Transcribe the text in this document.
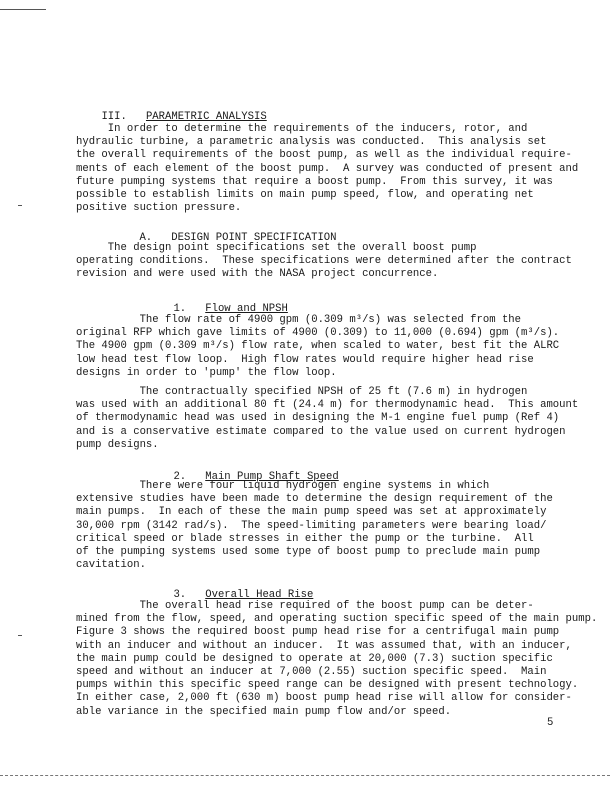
III. PARAMETRIC ANALYSIS

In order to determine the requirements of the inducers, rotor, and
hydraulic turbine, a parametric analysis was conducted.  This analysis set
the overall requirements of the boost pump, as well as the individual require-
ments of each element of the boost pump.  A survey was conducted of present and
future pumping systems that require a boost pump.  From this survey, it was
possible to establish limits on main pump speed, flow, and operating net
positive suction pressure.

A. DESIGN POINT SPECIFICATION

The design point specifications set the overall boost pump
operating conditions.  These specifications were determined after the contract
revision and were used with the NASA project concurrence.

1. Flow and NPSH

The flow rate of 4900 gpm (0.309 m³/s) was selected from the
original RFP which gave limits of 4900 (0.309) to 11,000 (0.694) gpm (m³/s).
The 4900 gpm (0.309 m³/s) flow rate, when scaled to water, best fit the ALRC
low head test flow loop.  High flow rates would require higher head rise
designs in order to 'pump' the flow loop.
The contractually specified NPSH of 25 ft (7.6 m) in hydrogen
was used with an additional 80 ft (24.4 m) for thermodynamic head.  This amount
of thermodynamic head was used in designing the M-1 engine fuel pump (Ref 4)
and is a conservative estimate compared to the value used on current hydrogen
pump designs.

2. Main Pump Shaft Speed

There were four liquid hydrogen engine systems in which
extensive studies have been made to determine the design requirement of the
main pumps.  In each of these the main pump speed was set at approximately
30,000 rpm (3142 rad/s).  The speed-limiting parameters were bearing load/
critical speed or blade stresses in either the pump or the turbine.  All
of the pumping systems used some type of boost pump to preclude main pump
cavitation.

3. Overall Head Rise

The overall head rise required of the boost pump can be deter-
mined from the flow, speed, and operating suction specific speed of the main pump.
Figure 3 shows the required boost pump head rise for a centrifugal main pump
with an inducer and without an inducer.  It was assumed that, with an inducer,
the main pump could be designed to operate at 20,000 (7.3) suction specific
speed and without an inducer at 7,000 (2.55) suction specific speed.  Main
pumps within this specific speed range can be designed with present technology.
In either case, 2,000 ft (630 m) boost pump head rise will allow for consider-
able variance in the specified main pump flow and/or speed.
5
